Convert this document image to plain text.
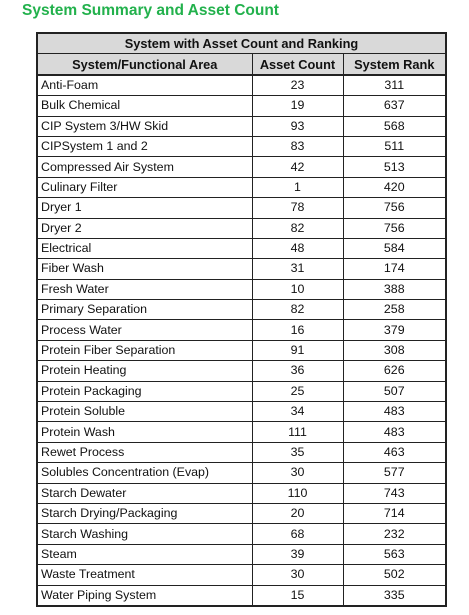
System Summary and Asset Count
System with Asset Count and Ranking		
System/Functional Area	Asset Count	System Rank
Anti-Foam	23	311
Bulk Chemical	19	637
CIP System 3/HW Skid	93	568
CIPSystem 1 and 2	83	511
Compressed Air System	42	513
Culinary Filter	1	420
Dryer 1	78	756
Dryer 2	82	756
Electrical	48	584
Fiber Wash	31	174
Fresh Water	10	388
Primary Separation	82	258
Process Water	16	379
Protein Fiber Separation	91	308
Protein Heating	36	626
Protein Packaging	25	507
Protein Soluble	34	483
Protein Wash	111	483
Rewet Process	35	463
Solubles Concentration (Evap)	30	577
Starch Dewater	110	743
Starch Drying/Packaging	20	714
Starch Washing	68	232
Steam	39	563
Waste Treatment	30	502
Water Piping System	15	335
